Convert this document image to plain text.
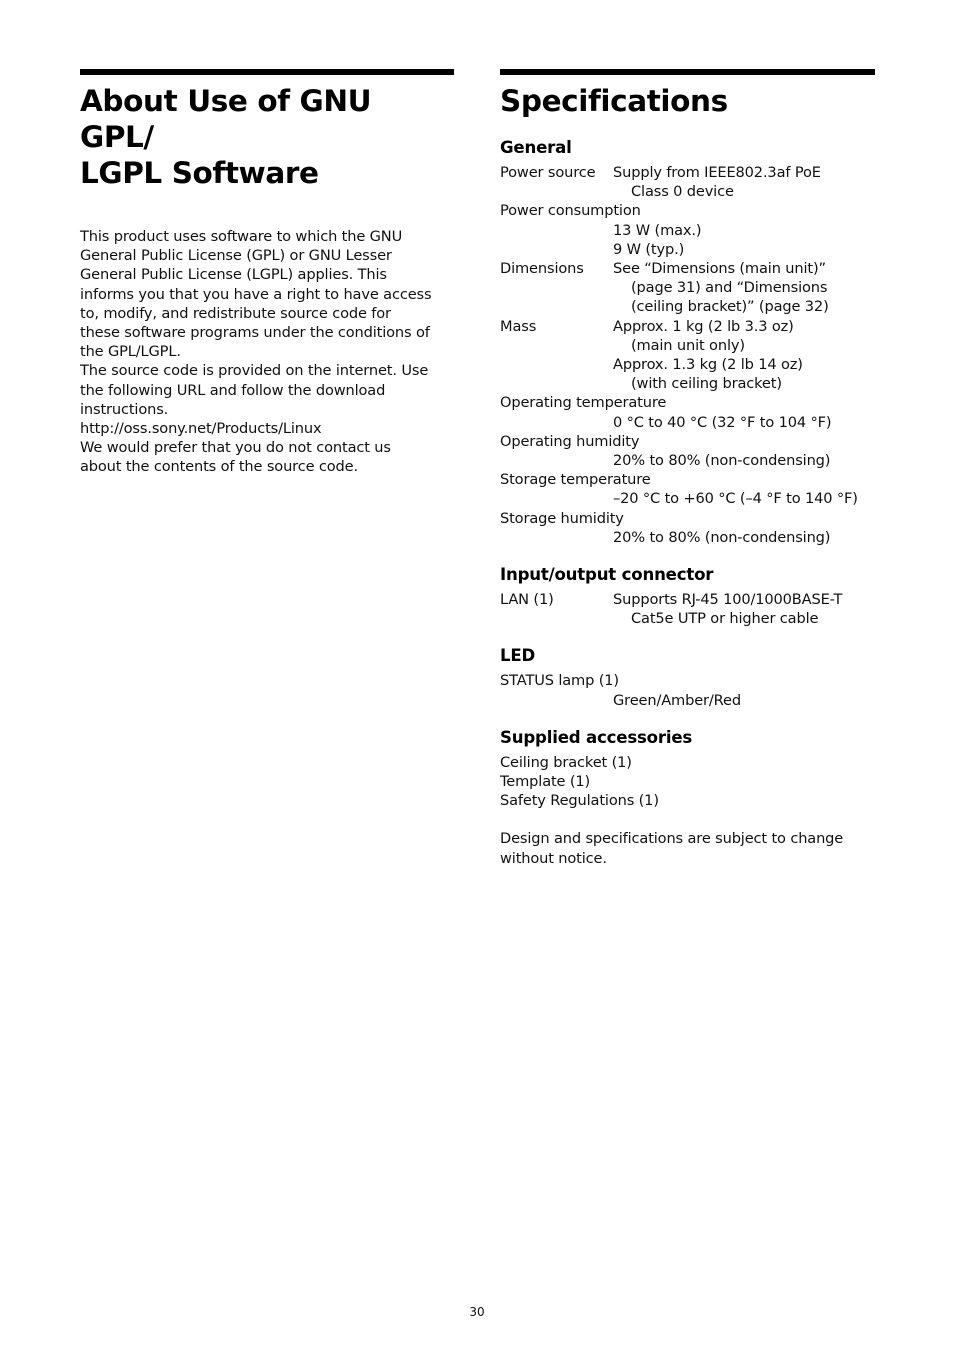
About Use of GNU GPL/
LGPL Software
This product uses software to which the GNU
General Public License (GPL) or GNU Lesser
General Public License (LGPL) applies. This
informs you that you have a right to have access
to, modify, and redistribute source code for
these software programs under the conditions of
the GPL/LGPL.
The source code is provided on the internet. Use
the following URL and follow the download
instructions.
http://oss.sony.net/Products/Linux
We would prefer that you do not contact us
about the contents of the source code.
Specifications
General
Power source	Supply from IEEE802.3af PoE
Class 0 device
Power consumption
13 W (max.)
9 W (typ.)
Dimensions	See “Dimensions (main unit)”
(page 31) and “Dimensions
(ceiling bracket)” (page 32)
Mass	Approx. 1 kg (2 lb 3.3 oz)
(main unit only)
Approx. 1.3 kg (2 lb 14 oz)
(with ceiling bracket)
Operating temperature
0 °C to 40 °C (32 °F to 104 °F)
Operating humidity
20% to 80% (non-condensing)
Storage temperature
–20 °C to +60 °C (–4 °F to 140 °F)
Storage humidity
20% to 80% (non-condensing)
Input/output connector
LAN (1)	Supports RJ-45 100/1000BASE-T
Cat5e UTP or higher cable
LED
STATUS lamp (1)
Green/Amber/Red
Supplied accessories
Ceiling bracket (1)
Template (1)
Safety Regulations (1)
Design and specifications are subject to change
without notice.
30
